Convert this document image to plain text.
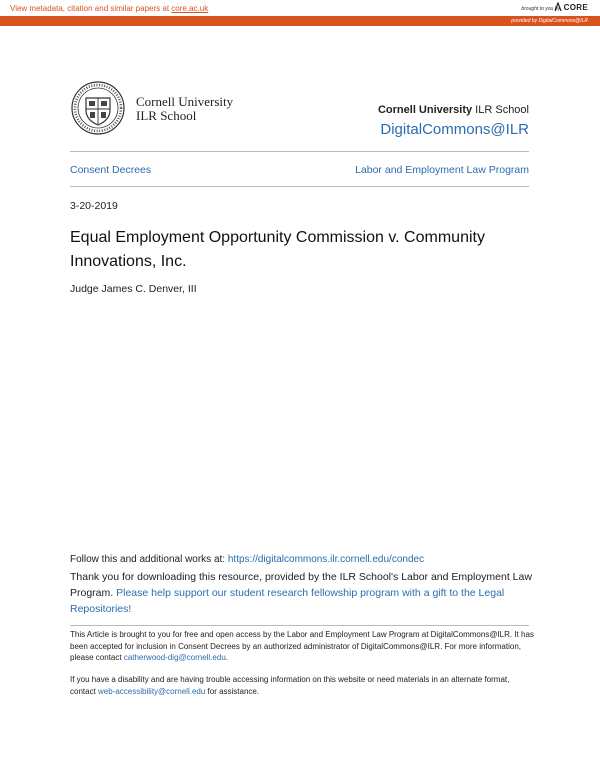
View metadata, citation and similar papers at core.ac.uk	brought to you by CORE
provided by DigitalCommons@ILR
Cornell University
ILR School	Cornell University ILR School
DigitalCommons@ILR
Consent Decrees	Labor and Employment Law Program
3-20-2019
Equal Employment Opportunity Commission v. Community Innovations, Inc.
Judge James C. Denver, III
Follow this and additional works at: https://digitalcommons.ilr.cornell.edu/condec
Thank you for downloading this resource, provided by the ILR School's Labor and Employment Law Program. Please help support our student research fellowship program with a gift to the Legal Repositories!
This Article is brought to you for free and open access by the Labor and Employment Law Program at DigitalCommons@ILR. It has been accepted for inclusion in Consent Decrees by an authorized administrator of DigitalCommons@ILR. For more information, please contact catherwood-dig@cornell.edu.
If you have a disability and are having trouble accessing information on this website or need materials in an alternate format, contact web-accessibility@cornell.edu for assistance.
